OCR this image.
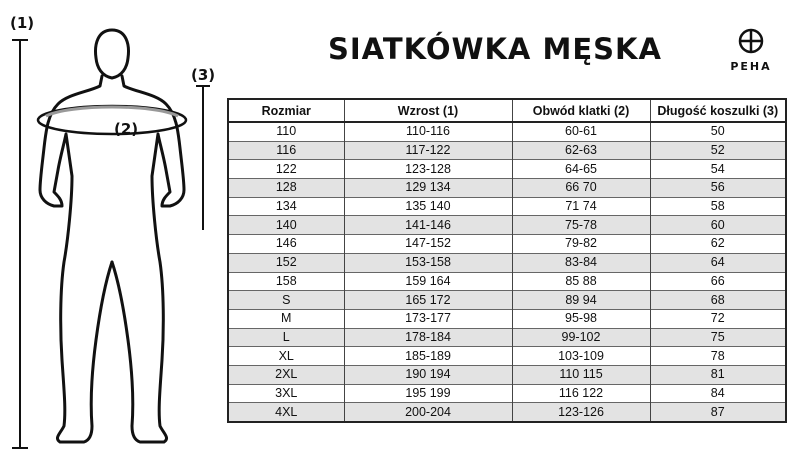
(1)
(2)
(3)
SIATKÓWKA MĘSKA
PEHA
Rozmiar	Wzrost (1)	Obwód klatki (2)	Długość koszulki (3)
110	110-116	60-61	50
116	117-122	62-63	52
122	123-128	64-65	54
128	129 134	66 70	56
134	135 140	71 74	58
140	141-146	75-78	60
146	147-152	79-82	62
152	153-158	83-84	64
158	159 164	85 88	66
S	165 172	89 94	68
M	173-177	95-98	72
L	178-184	99-102	75
XL	185-189	103-109	78
2XL	190 194	110 115	81
3XL	195 199	116 122	84
4XL	200-204	123-126	87
